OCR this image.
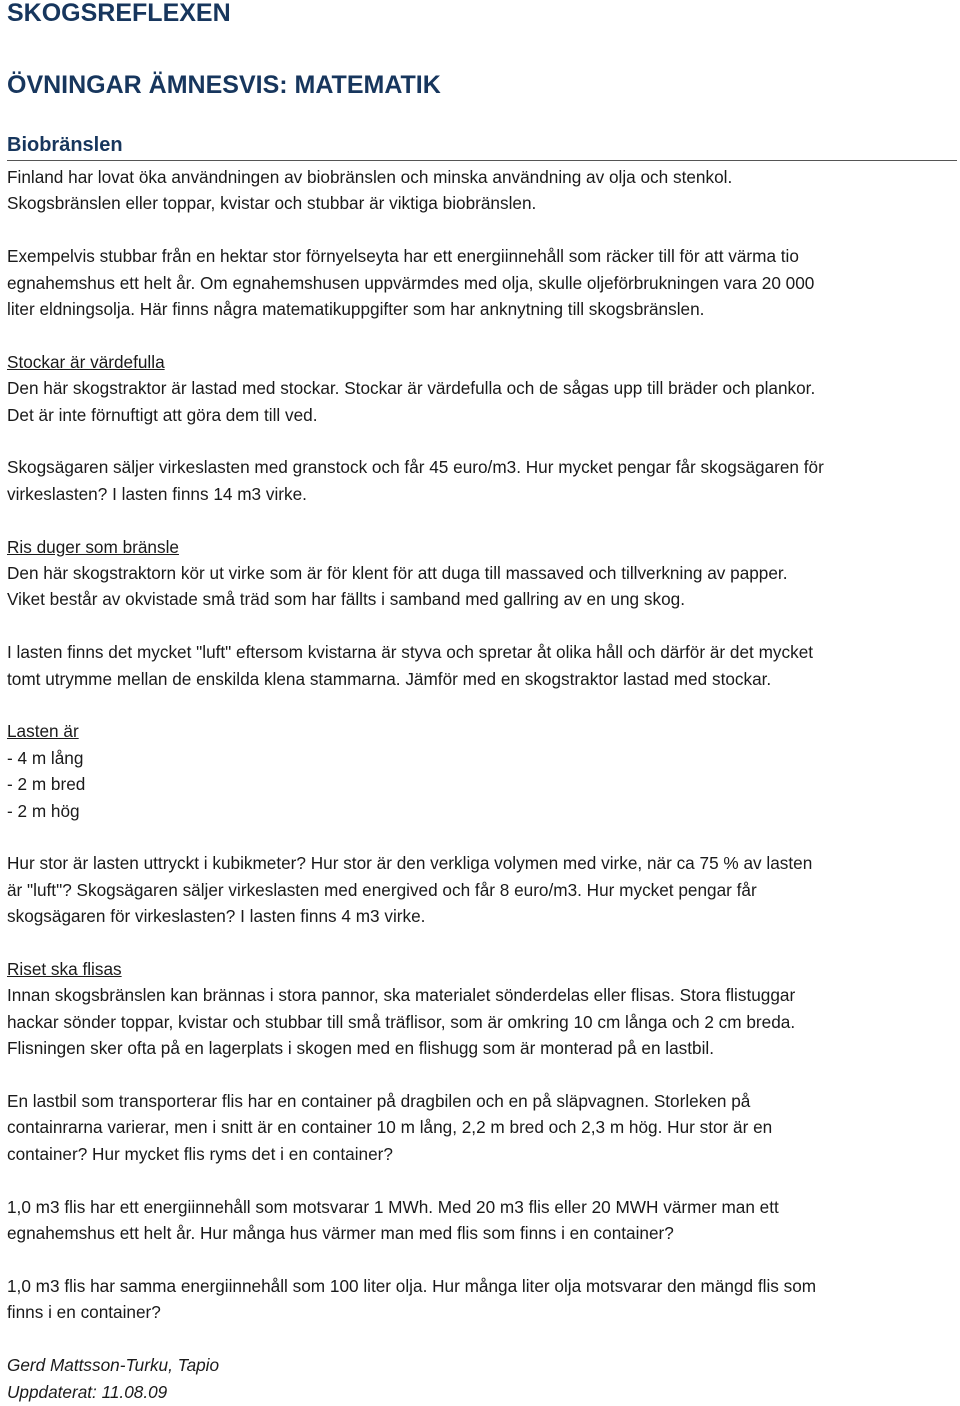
SKOGSREFLEXEN
ÖVNINGAR ÄMNESVIS: MATEMATIK
Biobränslen

Finland har lovat öka användningen av biobränslen och minska användning av olja och stenkol.

Skogsbränslen eller toppar, kvistar och stubbar är viktiga biobränslen.

Exempelvis stubbar från en hektar stor förnyelseyta har ett energiinnehåll som räcker till för att värma tio

egnahemshus ett helt år. Om egnahemshusen uppvärmdes med olja, skulle oljeförbrukningen vara 20 000

liter eldningsolja. Här finns några matematikuppgifter som har anknytning till skogsbränslen.

Stockar är värdefulla

Den här skogstraktor är lastad med stockar. Stockar är värdefulla och de sågas upp till bräder och plankor.

Det är inte förnuftigt att göra dem till ved.

Skogsägaren säljer virkeslasten med granstock och får 45 euro/m3. Hur mycket pengar får skogsägaren för

virkeslasten? I lasten finns 14 m3 virke.

Ris duger som bränsle

Den här skogstraktorn kör ut virke som är för klent för att duga till massaved och tillverkning av papper.

Viket består av okvistade små träd som har fällts i samband med gallring av en ung skog.

I lasten finns det mycket "luft" eftersom kvistarna är styva och spretar åt olika håll och därför är det mycket

tomt utrymme mellan de enskilda klena stammarna. Jämför med en skogstraktor lastad med stockar.

Lasten är

- 4 m lång

- 2 m bred

- 2 m hög

Hur stor är lasten uttryckt i kubikmeter? Hur stor är den verkliga volymen med virke, när ca 75 % av lasten

är "luft"? Skogsägaren säljer virkeslasten med energived och får 8 euro/m3. Hur mycket pengar får

skogsägaren för virkeslasten? I lasten finns 4 m3 virke.

Riset ska flisas

Innan skogsbränslen kan brännas i stora pannor, ska materialet sönderdelas eller flisas. Stora flistuggar

hackar sönder toppar, kvistar och stubbar till små träflisor, som är omkring 10 cm långa och 2 cm breda.

Flisningen sker ofta på en lagerplats i skogen med en flishugg som är monterad på en lastbil.

En lastbil som transporterar flis har en container på dragbilen och en på släpvagnen. Storleken på

containrarna varierar, men i snitt är en container 10 m lång, 2,2 m bred och 2,3 m hög. Hur stor är en

container? Hur mycket flis ryms det i en container?

1,0 m3 flis har ett energiinnehåll som motsvarar 1 MWh. Med 20 m3 flis eller 20 MWH värmer man ett

egnahemshus ett helt år. Hur många hus värmer man med flis som finns i en container?

1,0 m3 flis har samma energiinnehåll som 100 liter olja. Hur många liter olja motsvarar den mängd flis som

finns i en container?

Gerd Mattsson-Turku, Tapio

Uppdaterat: 11.08.09
